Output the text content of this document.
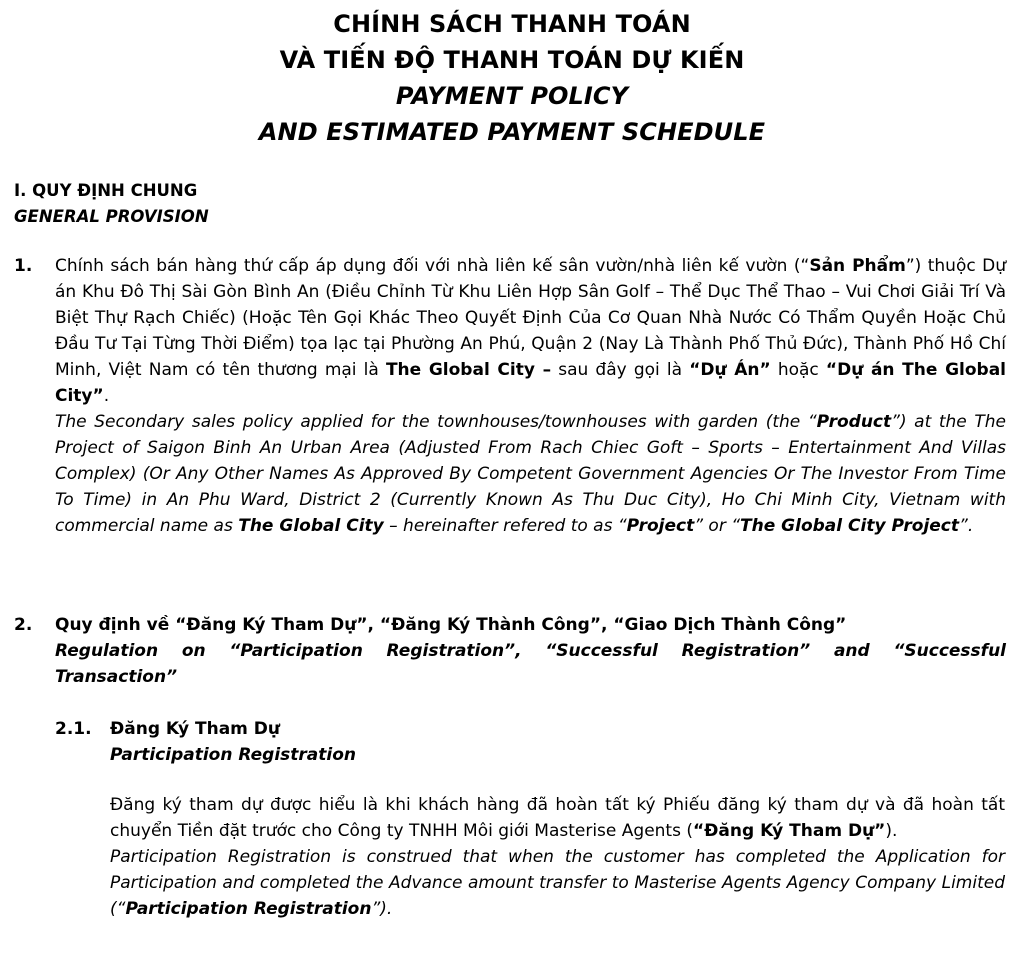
CHÍNH SÁCH THANH TOÁN
VÀ TIẾN ĐỘ THANH TOÁN DỰ KIẾN
PAYMENT POLICY
AND ESTIMATED PAYMENT SCHEDULE
I. QUY ĐỊNH CHUNG
GENERAL PROVISION
1. Chính sách bán hàng thứ cấp áp dụng đối với nhà liên kế sân vườn/nhà liên kế vườn (“Sản Phẩm”) thuộc Dự án Khu Đô Thị Sài Gòn Bình An (Điều Chỉnh Từ Khu Liên Hợp Sân Golf – Thể Dục Thể Thao – Vui Chơi Giải Trí Và Biệt Thự Rạch Chiếc) (Hoặc Tên Gọi Khác Theo Quyết Định Của Cơ Quan Nhà Nước Có Thẩm Quyền Hoặc Chủ Đầu Tư Tại Từng Thời Điểm) tọa lạc tại Phường An Phú, Quận 2 (Nay Là Thành Phố Thủ Đức), Thành Phố Hồ Chí Minh, Việt Nam có tên thương mại là The Global City – sau đây gọi là “Dự Án” hoặc “Dự án The Global City”.

The Secondary sales policy applied for the townhouses/townhouses with garden (the “Product”) at the The Project of Saigon Binh An Urban Area (Adjusted From Rach Chiec Goft – Sports – Entertainment And Villas Complex) (Or Any Other Names As Approved By Competent Government Agencies Or The Investor From Time To Time) in An Phu Ward, District 2 (Currently Known As Thu Duc City), Ho Chi Minh City, Vietnam with commercial name as The Global City – hereinafter refered to as “Project” or “The Global City Project”.

2. Quy định về “Đăng Ký Tham Dự”, “Đăng Ký Thành Công”, “Giao Dịch Thành Công”

Regulation on “Participation Registration”, “Successful Registration” and “Successful Transaction”

2.1. Đăng Ký Tham Dự
Participation Registration

Đăng ký tham dự được hiểu là khi khách hàng đã hoàn tất ký Phiếu đăng ký tham dự và đã hoàn tất chuyển Tiền đặt trước cho Công ty TNHH Môi giới Masterise Agents (“Đăng Ký Tham Dự”).

Participation Registration is construed that when the customer has completed the Application for Participation and completed the Advance amount transfer to Masterise Agents Agency Company Limited (“Participation Registration”).
